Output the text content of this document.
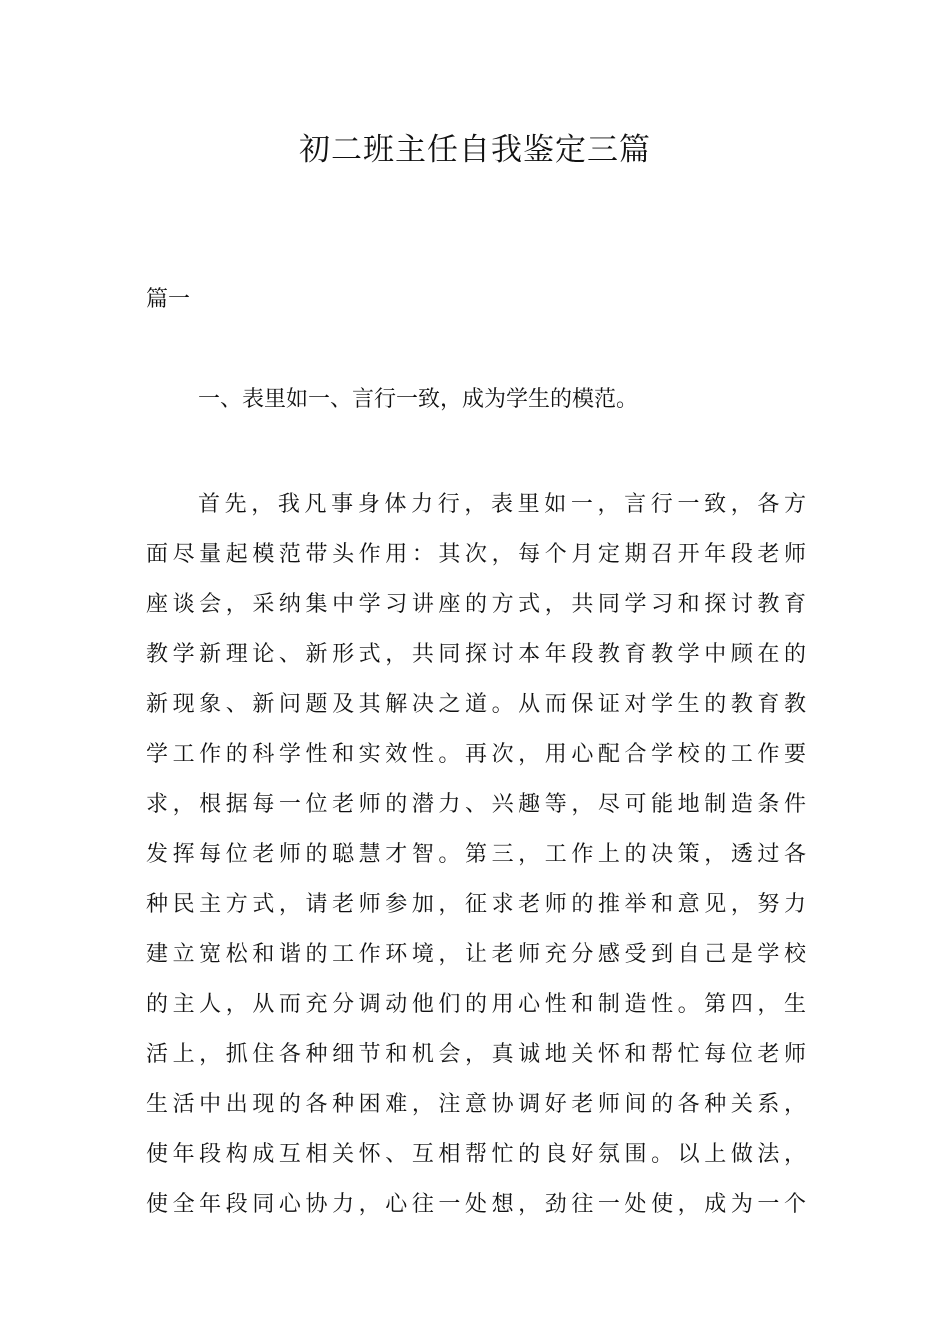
初二班主任自我鉴定三篇

篇一

一、表里如一、言行一致，成为学生的模范。

首先，我凡事身体力行，表里如一，言行一致，各方
面尽量起模范带头作用：其次，每个月定期召开年段老师
座谈会，采纳集中学习讲座的方式，共同学习和探讨教育
教学新理论、新形式，共同探讨本年段教育教学中顾在的
新现象、新问题及其解决之道。从而保证对学生的教育教
学工作的科学性和实效性。再次，用心配合学校的工作要
求，根据每一位老师的潜力、兴趣等，尽可能地制造条件
发挥每位老师的聪慧才智。第三，工作上的决策，透过各
种民主方式，请老师参加，征求老师的推举和意见，努力
建立宽松和谐的工作环境，让老师充分感受到自己是学校
的主人，从而充分调动他们的用心性和制造性。第四，生
活上，抓住各种细节和机会，真诚地关怀和帮忙每位老师
生活中出现的各种困难，注意协调好老师间的各种关系，
使年段构成互相关怀、互相帮忙的良好氛围。以上做法，
使全年段同心协力，心往一处想，劲往一处使，成为一个
